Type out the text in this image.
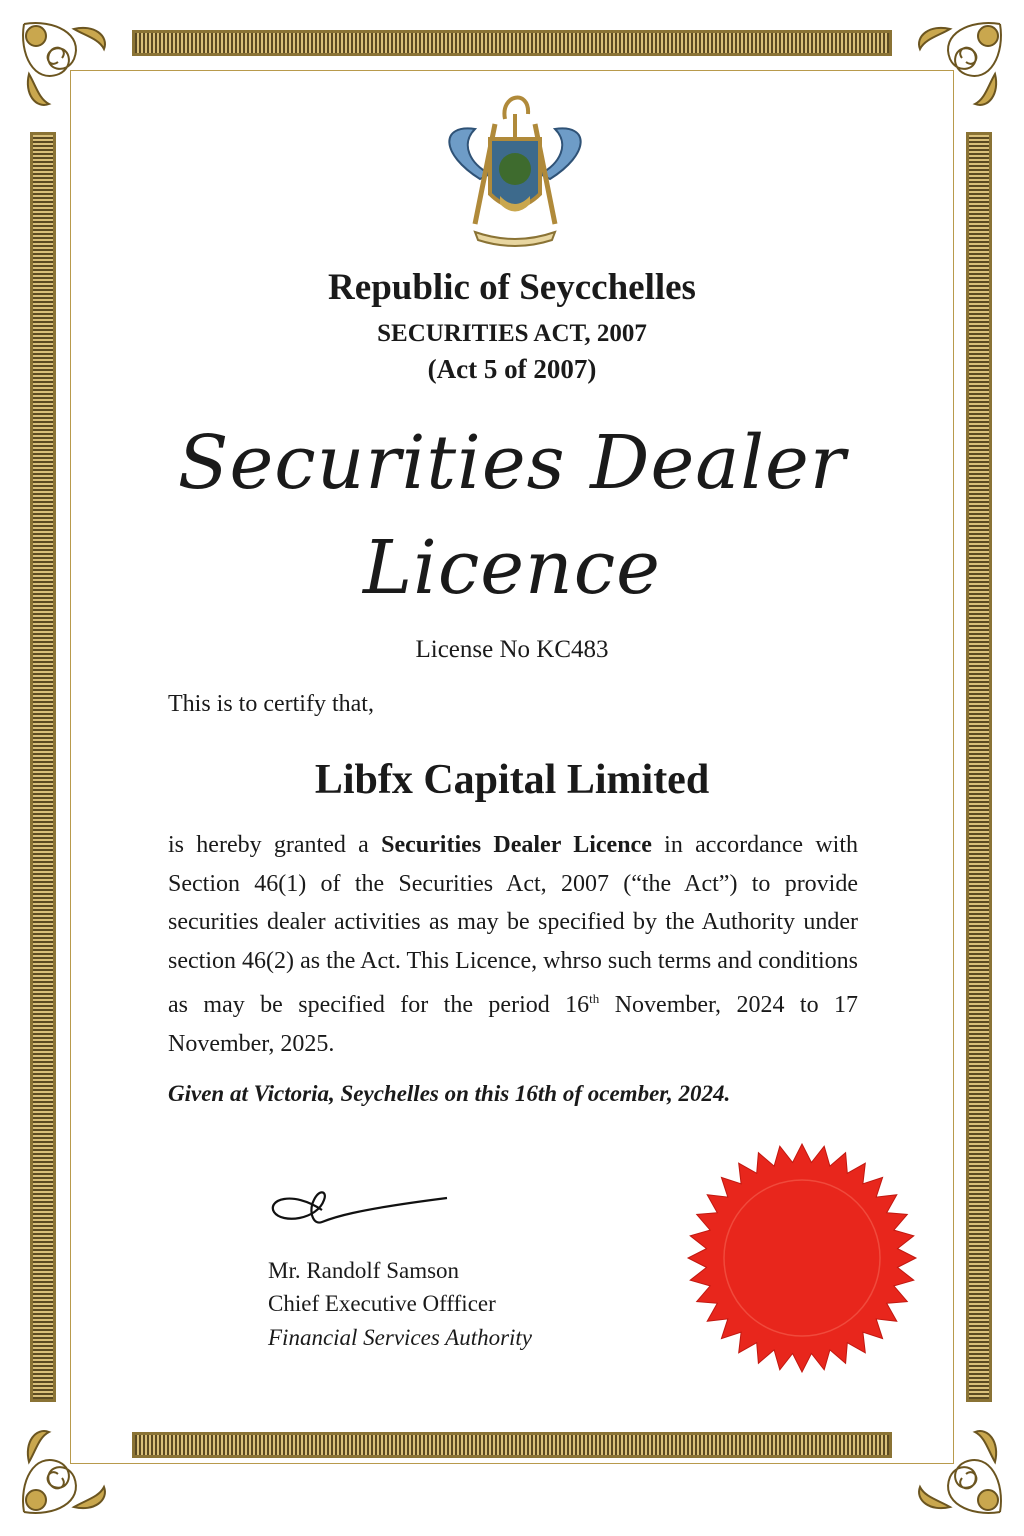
Republic of Seycchelles
SECURITIES ACT, 2007
(Act 5 of 2007)
Securities Dealer
Licence
License No KC483
This is to certify that,
Libfx Capital Limited
is hereby granted a Securities Dealer Licence in accordance with Section 46(1) of the Securities Act, 2007 (“the Act”) to provide securities dealer activities as may be specified by the Authority under section 46(2) as the Act. This Licence, whrso such terms and conditions as may be specified for the period 16th November, 2024 to 17 November, 2025.
Given at Victoria, Seychelles on this 16th of ocember, 2024.
Mr. Randolf Samson
Chief Executive Offficer
Financial Services Authority
